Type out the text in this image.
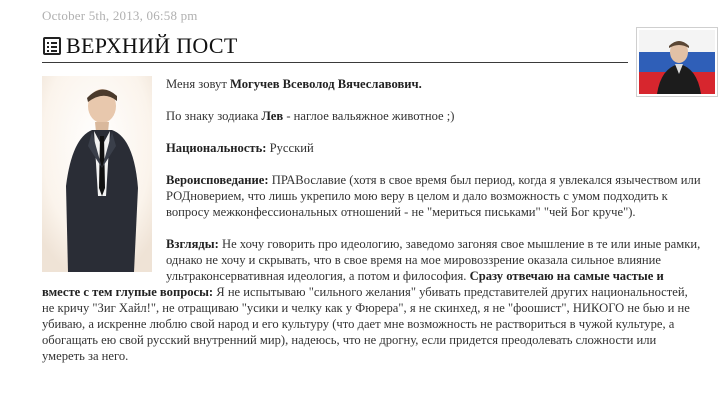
October 5th, 2013, 06:58 pm
ВЕРХНИЙ ПОСТ

Меня зовут Могучев Всеволод Вячеславович.

По знаку зодиака Лев - наглое вальяжное животное ;)

Национальность: Русский

Вероисповедание: ПРАВославие (хотя в свое время был период, когда я увлекался язычеством или РОДноверием, что лишь укрепило мою веру в целом и дало возможность с умом подходить к вопросу межконфессиональных отношений - не "мериться письками" "чей Бог круче").

Взгляды: Не хочу говорить про идеологию, заведомо загоняя свое мышление в те или иные рамки, однако не хочу и скрывать, что в свое время на мое мировоззрение оказала сильное влияние ультраконсервативная идеология, а потом и философия. Сразу отвечаю на самые частые и вместе с тем глупые вопросы: Я не испытываю "сильного желания" убивать представителей других национальностей, не кричу "Зиг Хайл!", не отращиваю "усики и челку как у Фюрера", я не скинхед, я не "фоошист", НИКОГО не бью и не убиваю, а искренне люблю свой народ и его культуру (что дает мне возможность не раствориться в чужой культуре, а обогащать ею свой русский внутренний мир), надеюсь, что не дрогну, если придется преодолевать сложности или умереть за него.
